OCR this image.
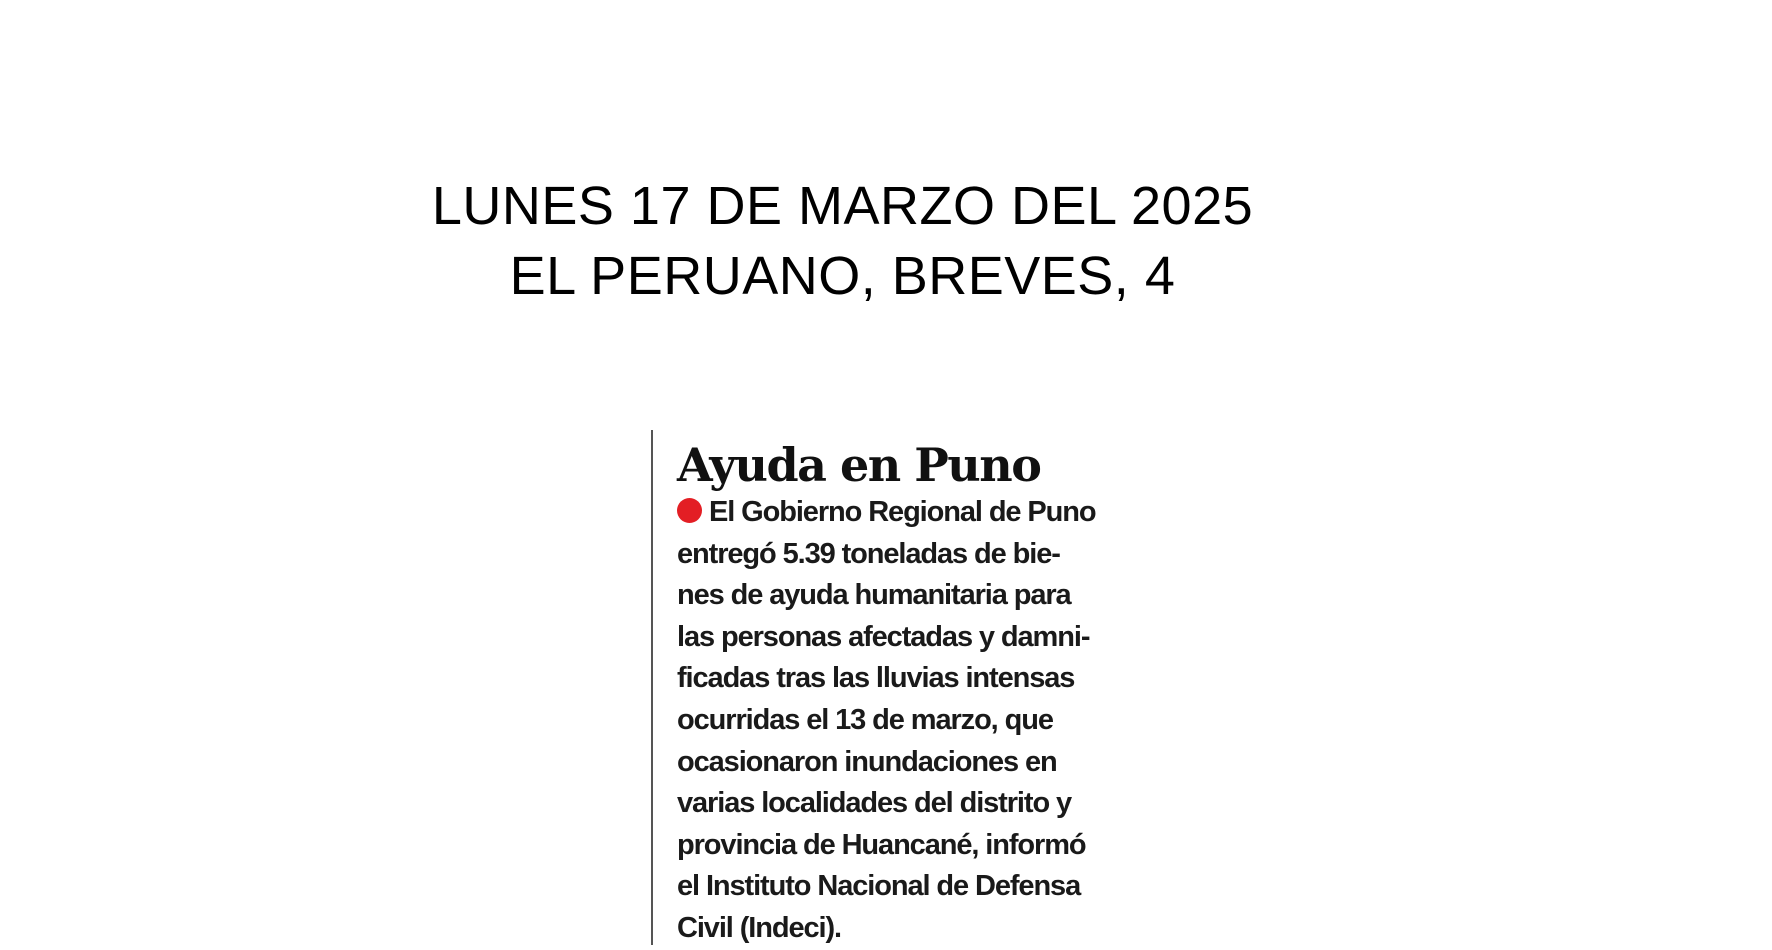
LUNES 17 DE MARZO DEL 2025
EL PERUANO, BREVES, 4
Ayuda en Puno
El Gobierno Regional de Puno
entregó 5.39 toneladas de bie-
nes de ayuda humanitaria para
las personas afectadas y damni-
ficadas tras las lluvias intensas
ocurridas el 13 de marzo, que
ocasionaron inundaciones en
varias localidades del distrito y
provincia de Huancané, informó
el Instituto Nacional de Defensa
Civil (Indeci).
